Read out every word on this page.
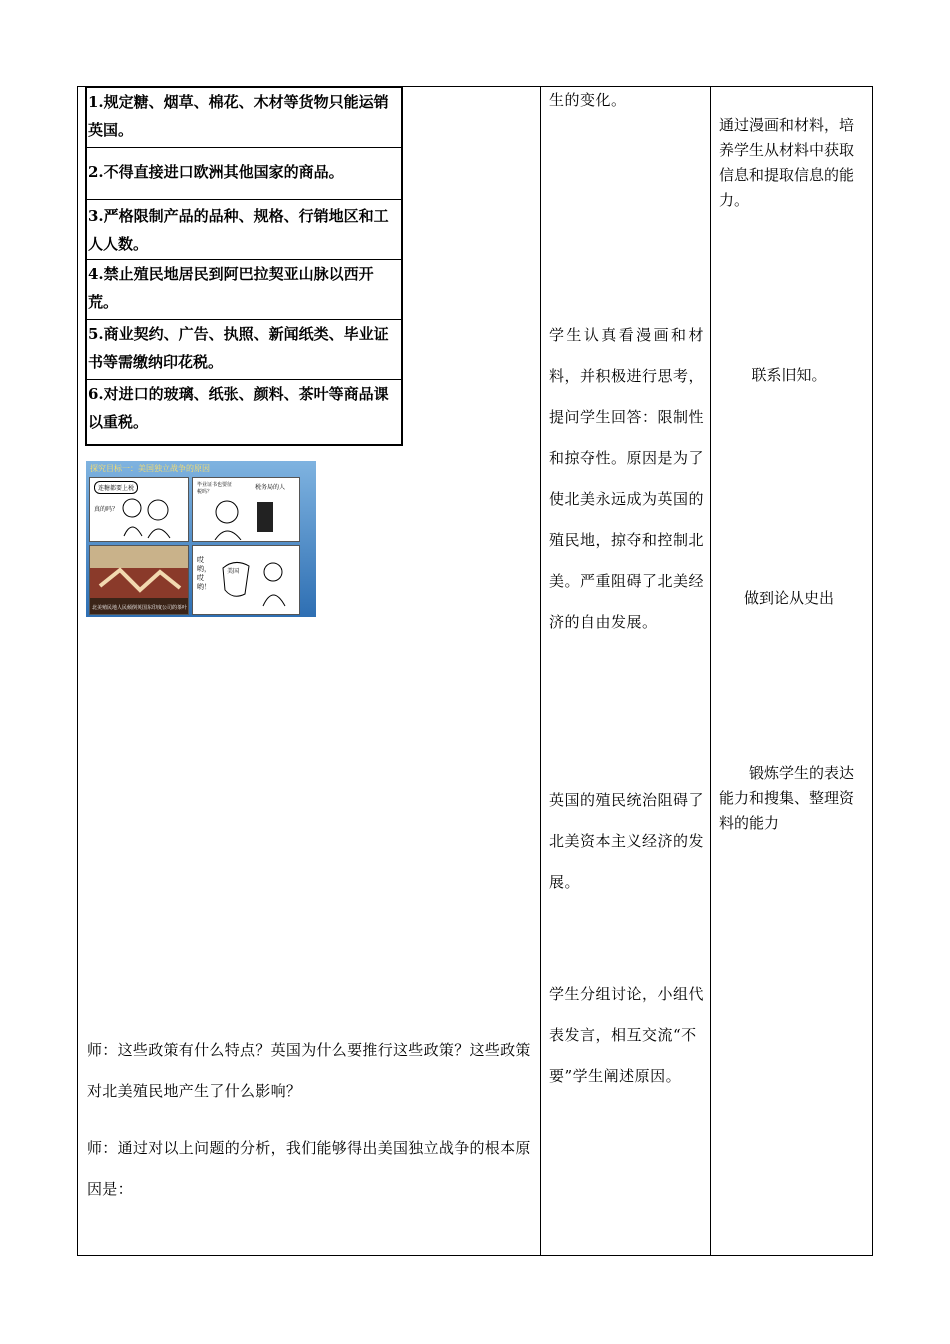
1.规定糖、烟草、棉花、木材等货物只能运销英国。
2.不得直接进口欧洲其他国家的商品。
3.严格限制产品的品种、规格、行销地区和工人人数。
4.禁止殖民地居民到阿巴拉契亚山脉以西开荒。
5.商业契约、广告、执照、新闻纸类、毕业证书等需缴纳印花税。
6.对进口的玻璃、纸张、颜料、茶叶等商品课以重税。
探究目标一：美国独立战争的原因
连糖都要上税
真的吗？
毕业证书也要征税吗？
税务局的人
北美殖民地人民倾倒英国东印度公司的茶叶
哎哟，哎哟！
美国
师：这些政策有什么特点？英国为什么要推行这些政策？这些政策对北美殖民地产生了什么影响？
师：通过对以上问题的分析，我们能够得出美国独立战争的根本原因是：
生的变化。
学生认真看漫画和材料，并积极进行思考，提问学生回答：限制性和掠夺性。原因是为了使北美永远成为英国的殖民地，掠夺和控制北美。严重阻碍了北美经济的自由发展。
英国的殖民统治阻碍了北美资本主义经济的发展。
学生分组讨论，小组代表发言，相互交流“不要”学生阐述原因。
通过漫画和材料，培养学生从材料中获取信息和提取信息的能力。
联系旧知。
做到论从史出
锻炼学生的表达能力和搜集、整理资料的能力
